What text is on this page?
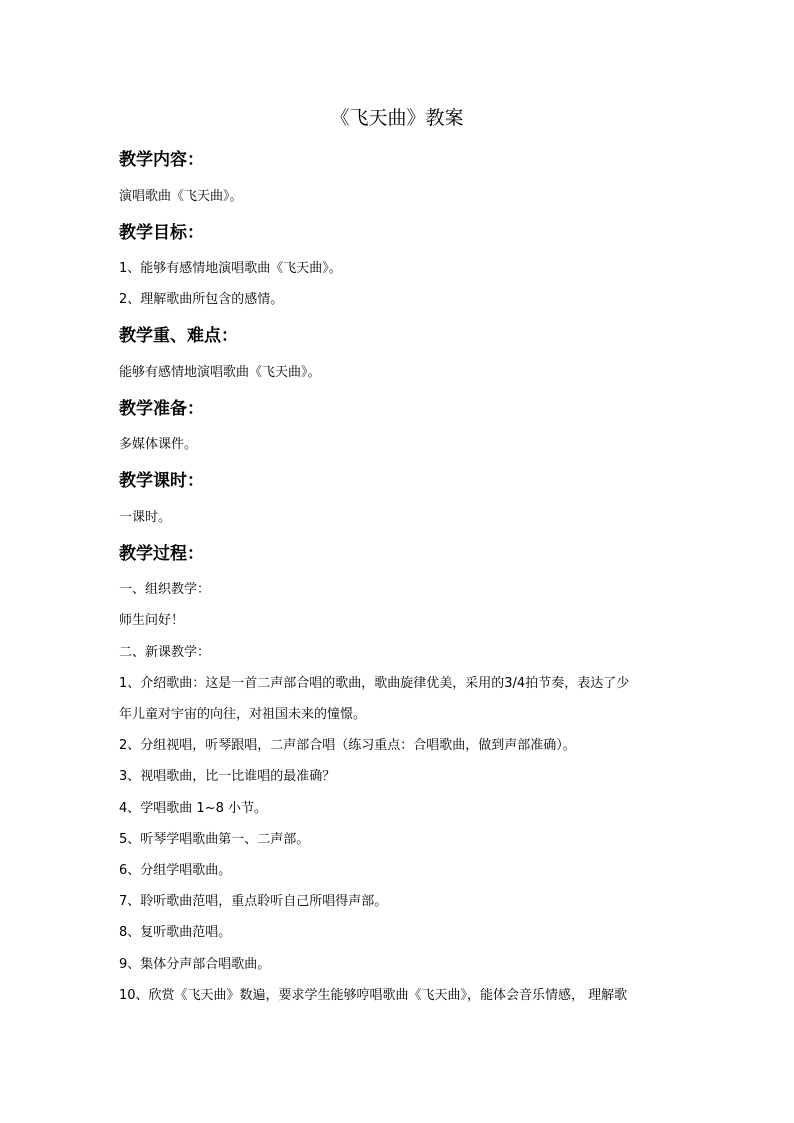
《飞天曲》教案
教学内容：

演唱歌曲《飞天曲》。

教学目标：

1、能够有感情地演唱歌曲《飞天曲》。

2、理解歌曲所包含的感情。

教学重、难点：

能够有感情地演唱歌曲《飞天曲》。

教学准备：

多媒体课件。

教学课时：

一课时。

教学过程：

一、组织教学：

师生问好！

二、新课教学：

1、介绍歌曲：这是一首二声部合唱的歌曲，歌曲旋律优美，采用的3/4拍节奏，表达了少

年儿童对宇宙的向往，对祖国未来的憧憬。

2、分组视唱，听琴跟唱，二声部合唱（练习重点：合唱歌曲，做到声部准确）。

3、视唱歌曲，比一比谁唱的最准确？

4、学唱歌曲 1~8 小节。

5、听琴学唱歌曲第一、二声部。

6、分组学唱歌曲。

7、聆听歌曲范唱，重点聆听自己所唱得声部。

8、复听歌曲范唱。

9、集体分声部合唱歌曲。

10、欣赏《飞天曲》数遍，要求学生能够哼唱歌曲《飞天曲》，能体会音乐情感， 理解歌
